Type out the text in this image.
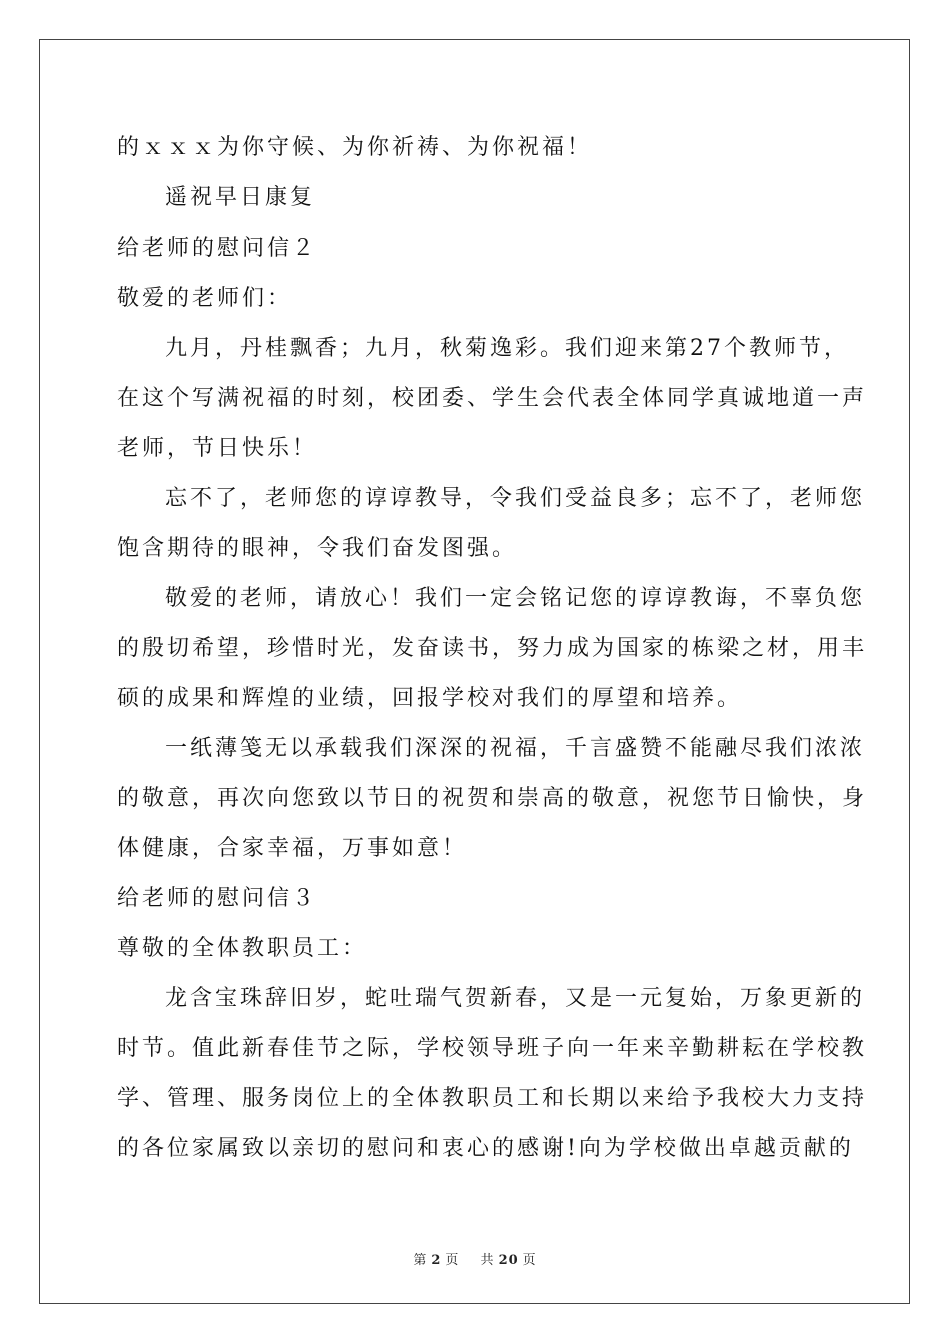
的ｘｘｘ为你守候、为你祈祷、为你祝福！
遥祝早日康复
给老师的慰问信２
敬爱的老师们：
九月，丹桂飘香；九月，秋菊逸彩。我们迎来第27个教师节，
在这个写满祝福的时刻，校团委、学生会代表全体同学真诚地道一声
老师，节日快乐！
忘不了，老师您的谆谆教导，令我们受益良多；忘不了，老师您
饱含期待的眼神，令我们奋发图强。
敬爱的老师，请放心！我们一定会铭记您的谆谆教诲，不辜负您
的殷切希望，珍惜时光，发奋读书，努力成为国家的栋梁之材，用丰
硕的成果和辉煌的业绩，回报学校对我们的厚望和培养。
一纸薄笺无以承载我们深深的祝福，千言盛赞不能融尽我们浓浓
的敬意，再次向您致以节日的祝贺和崇高的敬意，祝您节日愉快，身
体健康，合家幸福，万事如意！
给老师的慰问信３
尊敬的全体教职员工：
龙含宝珠辞旧岁，蛇吐瑞气贺新春，又是一元复始，万象更新的
时节。值此新春佳节之际，学校领导班子向一年来辛勤耕耘在学校教
学、管理、服务岗位上的全体教职员工和长期以来给予我校大力支持
的各位家属致以亲切的慰问和衷心的感谢!向为学校做出卓越贡献的
第 2 页 共 20 页
